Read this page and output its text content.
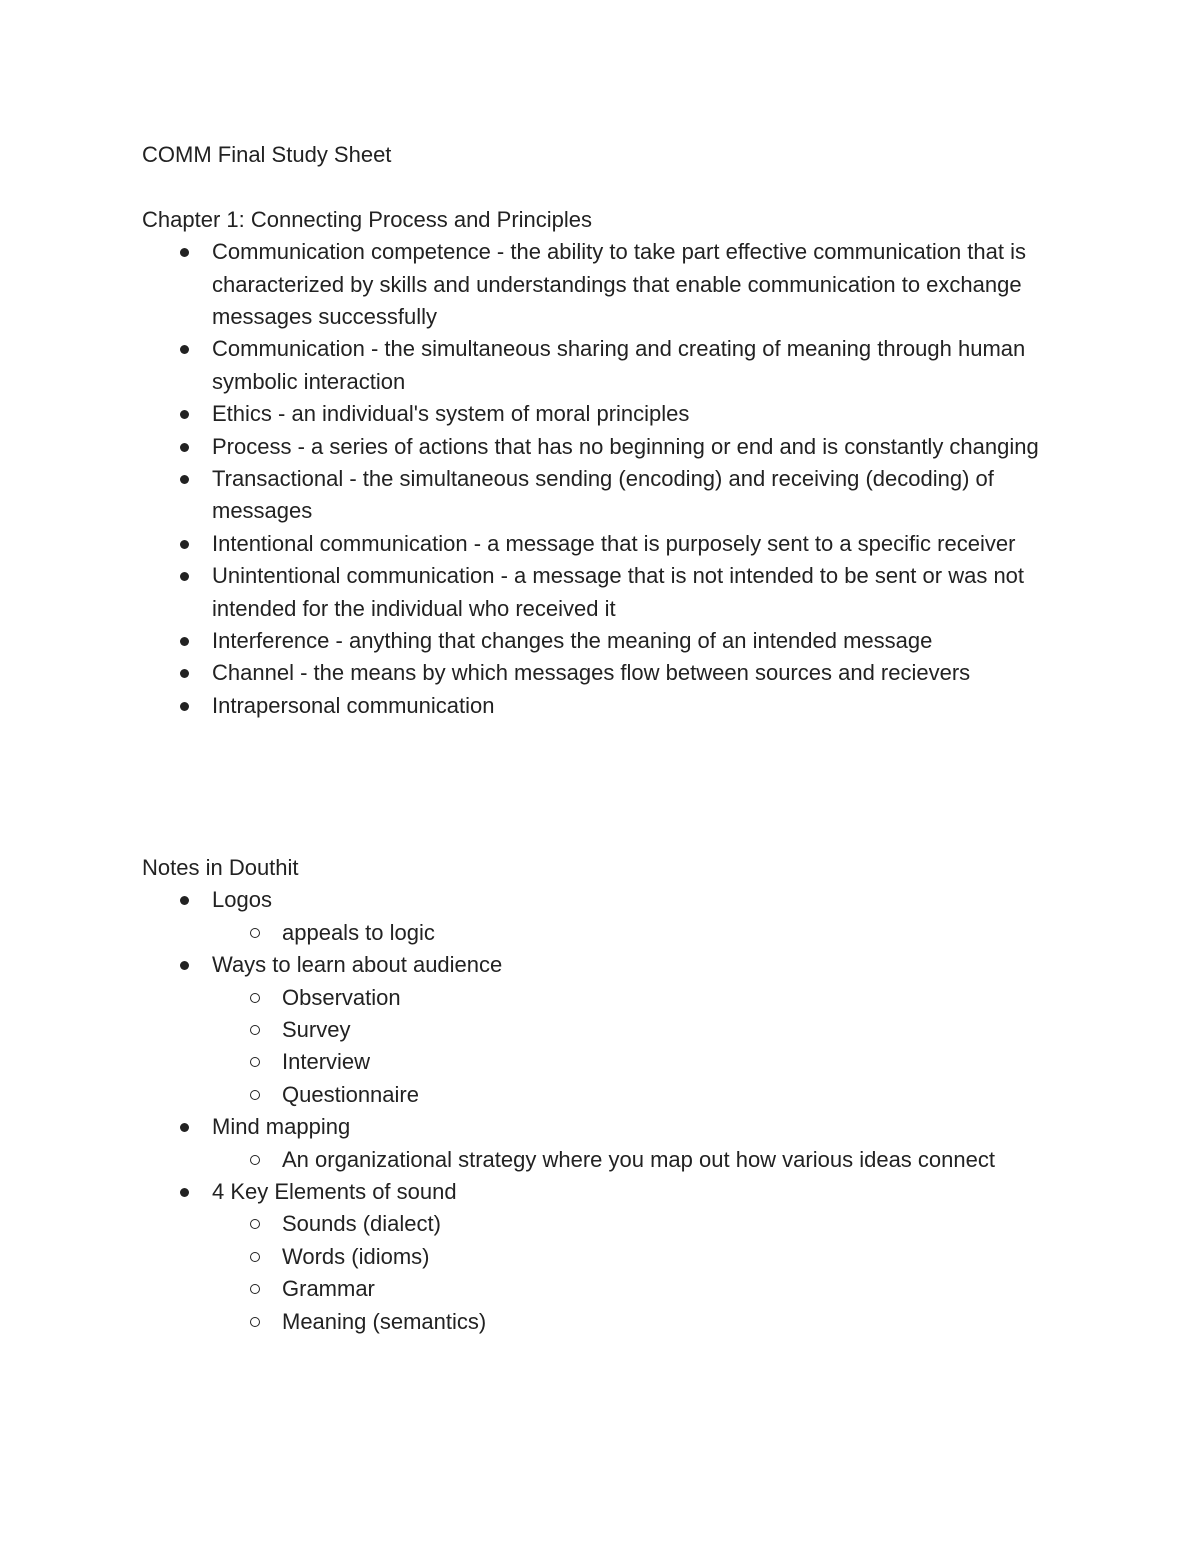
COMM Final Study Sheet

Chapter 1: Connecting Process and Principles

Communication competence - the ability to take part effective communication that is characterized by skills and understandings that enable communication to exchange messages successfully
Communication - the simultaneous sharing and creating of meaning through human symbolic interaction
Ethics - an individual's system of moral principles
Process - a series of actions that has no beginning or end and is constantly changing
Transactional - the simultaneous sending (encoding) and receiving (decoding) of messages
Intentional communication - a message that is purposely sent to a specific receiver
Unintentional communication - a message that is not intended to be sent or was not intended for the individual who received it
Interference - anything that changes the meaning of an intended message
Channel - the means by which messages flow between sources and recievers
Intrapersonal communication

Notes in Douthit

Logos
appeals to logic
Ways to learn about audience
Observation
Survey
Interview
Questionnaire
Mind mapping
An organizational strategy where you map out how various ideas connect
4 Key Elements of sound
Sounds (dialect)
Words (idioms)
Grammar
Meaning (semantics)
